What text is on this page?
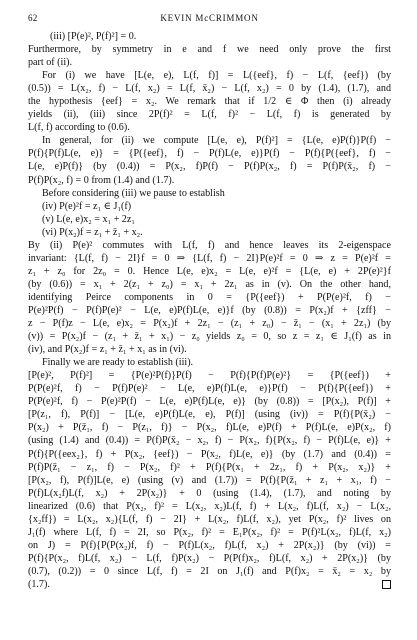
62	KEVIN McCRIMMON
(iii) [P(e)², P(f)²] = 0.
Furthermore, by symmetry in e and f we need only prove the first
part of (ii).
For (i) we have [L(e, e), L(f, f)] = L({eef}, f) − L(f, {eef}) (by
(0.5)) = L(x₂, f) − L(f, x₂) = L(f, x̄₂) − L(f, x₂) = 0 by (1.4), (1.7), and
the hypothesis {eef} = x₂. We remark that if 1/2 ∈ Φ then (i) already
yields (ii), (iii) since 2P(f)² = L(f, f)² − L(f, f) is generated by
L(f, f) according to (0.6).
In general, for (ii) we compute [L(e, e), P(f)²] = {L(e, e)P(f)}P(f) −
P(f){P(f)L(e, e)} = {P({eef}, f) − P(f)L(e, e)}P(f) − P(f){P({eef}, f) −
L(e, e)P(f)} (by (0.4)) = P(x₂, f)P(f) − P(f)P(x₂, f) = P(f)P(x̄₂, f) −
P(f)P(x₂, f) = 0 from (1.4) and (1.7).
Before considering (iii) we pause to establish
(iv) P(e)²f = z₁ ∈ J₁(f)
(v) L(e, e)x₂ = x₁ + 2z₁
(vi) P(x₂)f = z₁ + z̄₁ + x₂.
By (ii) P(e)² commutes with L(f, f) and hence leaves its 2-eigenspace
invariant: {L(f, f) − 2I}f = 0 ⇒ {L(f, f) − 2I}P(e)²f = 0 ⇒ z = P(e)²f =
z₁ + z₀ for 2z₀ = 0. Hence L(e, e)x₂ = L(e, e)²f = {L(e, e) + 2P(e)²}f
(by (0.6)) = x₁ + 2(z₁ + z₀) = x₁ + 2z₁ as in (v). On the other hand,
identifying Peirce components in 0 = {P({eef}) + P(P(e)²f, f) −
P(e)²P(f) − P(f)P(e)² − L(e, e)P(f)L(e, e)}f (by (0.8)) = P(x₂)f + {zff} −
z − P(f)z − L(e, e)x₂ = P(x₂)f + 2z₁ − (z₁ + z₀) − z̄₁ − (x₁ + 2z₁) (by
(v)) = P(x₂)f − (z₁ + z̄₁ + x₁) − z₀ yields z₀ = 0, so z = z₁ ∈ J₁(f) as in
(iv), and P(x₂)f = z₁ + z̄₁ + x₁ as in (vi).
Finally we are ready to establish (iii).
[P(e)², P(f)²] = {P(e)²P(f)}P(f) − P(f){P(f)P(e)²} = {P({eef}) +
P(P(e)²f, f) − P(f)P(e)² − L(e, e)P(f)L(e, e)}P(f) − P(f){P({eef}) +
P(P(e)²f, f) − P(e)²P(f) − L(e, e)P(f)L(e, e)} (by (0.8)) = [P(x₂), P(f)] +
[P(z₁, f), P(f)] − [L(e, e)P(f)L(e, e), P(f)] (using (iv)) = P(f){P(x̄₂) −
P(x₂) + P(z̄₁, f) − P(z₁, f)} − P(x₂, f)L(e, e)P(f) + P(f)L(e, e)P(x₂, f)
(using (1.4) and (0.4)) = P(f)P(x̄₂ − x₂, f) − P(x₂, f){P(x₂, f) − P(f)L(e, e)} +
P(f){P({eex₂}, f) + P(x₂, {eef}) − P(x₂, f)L(e, e)} (by (1.7) and (0.4)) =
P(f)P(z̄₁ − z₁, f) − P(x₂, f)² + P(f){P(x₁ + 2z₁, f) + P(x₂, x₂)} +
[P(x₂, f), P(f)]L(e, e) (using (v) and (1.7)) = P(f){P(z̄₁ + z₁ + x₁, f) −
P(f)L(x₂f)L(f, x₂) + 2P(x₂)} + 0 (using (1.4), (1.7), and noting by
linearized (0.6) that P(x₂, f)² = L(x₂, x₂)L(f, f) + L(x₂, f)L(f, x₂) − L(x₂,
{x₂ff}) = L(x₂, x₂){L(f, f) − 2I} + L(x₂, f)L(f, x₂), yet P(x₂, f)² lives on
J₁(f) where L(f, f) = 2I, so P(x₂, f)² = E₁P(x₂, f)² = P(f)²L(x₂, f)L(f, x₂)
on J) = P(f){P(P(x₂)f, f) − P(f)L(x₂, f)L(f, x₂) + 2P(x₂)} (by (vi)) =
P(f){P(x₂, f)L(f, x₂) − L(f, f)P(x₂) − P(P(f)x₂, f)L(f, x₂) + 2P(x₂)} (by
(0.7), (0.2)) = 0 since L(f, f) = 2I on J₁(f) and P(f)x₂ = x̄₂ = x₂ by
(1.7).
